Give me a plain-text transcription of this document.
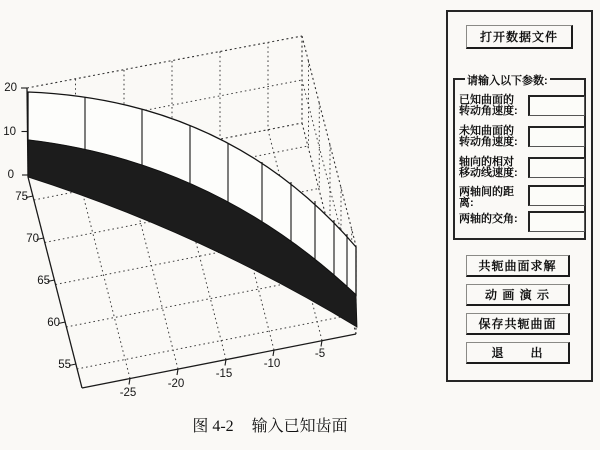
20
10
0
75
70
65
60
55
-25
-20
-15
-10
-5
打开数据文件
请输入以下参数:
已知曲面的
转动角速度:
未知曲面的
转动角速度:
轴向的相对
移动线速度:
两轴间的距
离:
两轴的交角:
共轭曲面求解
动 画 演 示
保存共轭曲面
退　　出
图 4-2 输入已知齿面
